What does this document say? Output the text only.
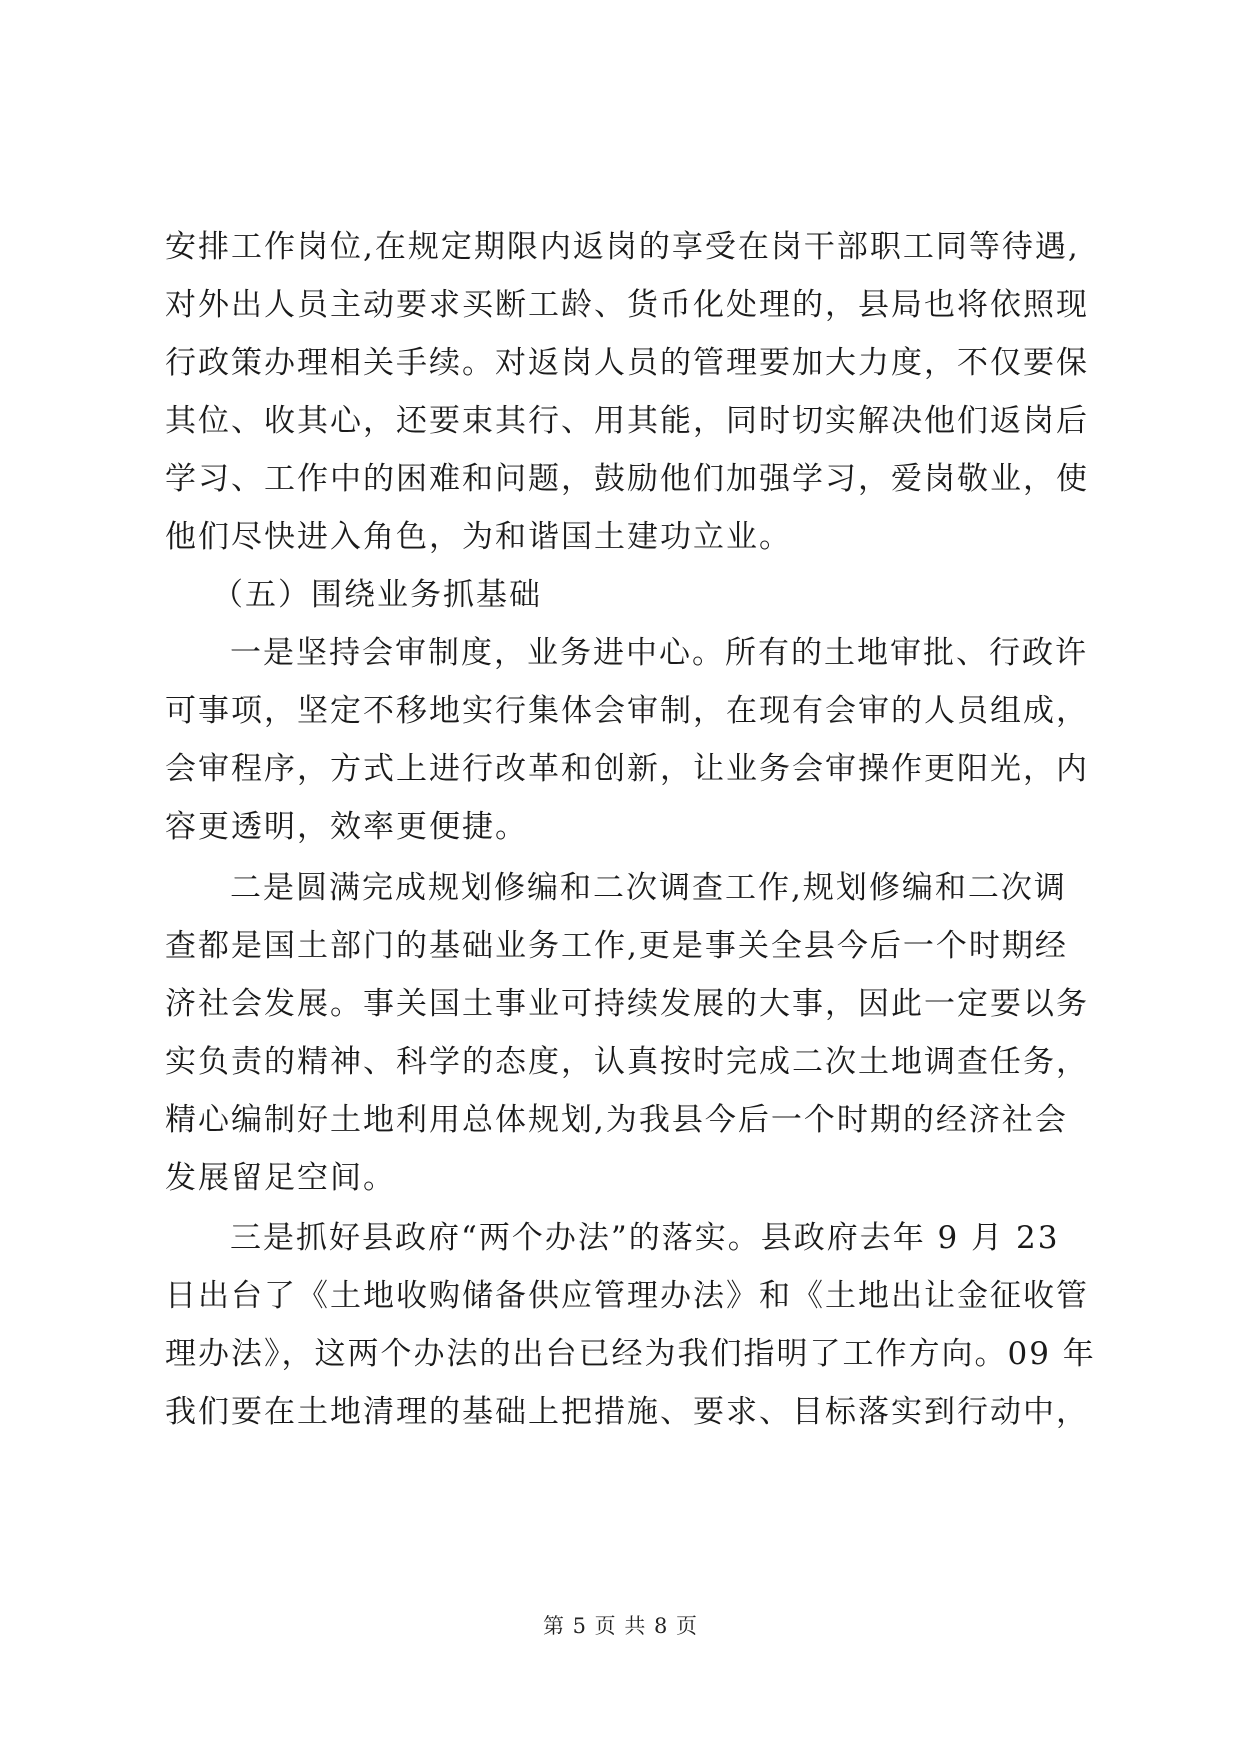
安排工作岗位,在规定期限内返岗的享受在岗干部职工同等待遇,
对外出人员主动要求买断工龄、货币化处理的，县局也将依照现
行政策办理相关手续。对返岗人员的管理要加大力度，不仅要保
其位、收其心，还要束其行、用其能，同时切实解决他们返岗后
学习、工作中的困难和问题，鼓励他们加强学习，爱岗敬业，使
他们尽快进入角色，为和谐国土建功立业。
（五）围绕业务抓基础
一是坚持会审制度，业务进中心。所有的土地审批、行政许
可事项，坚定不移地实行集体会审制，在现有会审的人员组成，
会审程序，方式上进行改革和创新，让业务会审操作更阳光，内
容更透明，效率更便捷。
二是圆满完成规划修编和二次调查工作,规划修编和二次调
查都是国土部门的基础业务工作,更是事关全县今后一个时期经
济社会发展。事关国土事业可持续发展的大事，因此一定要以务
实负责的精神、科学的态度，认真按时完成二次土地调查任务，
精心编制好土地利用总体规划,为我县今后一个时期的经济社会
发展留足空间。
三是抓好县政府“两个办法”的落实。县政府去年 9 月 23
日出台了《土地收购储备供应管理办法》和《土地出让金征收管
理办法》，这两个办法的出台已经为我们指明了工作方向。09 年
我们要在土地清理的基础上把措施、要求、目标落实到行动中，
第 5 页 共 8 页
